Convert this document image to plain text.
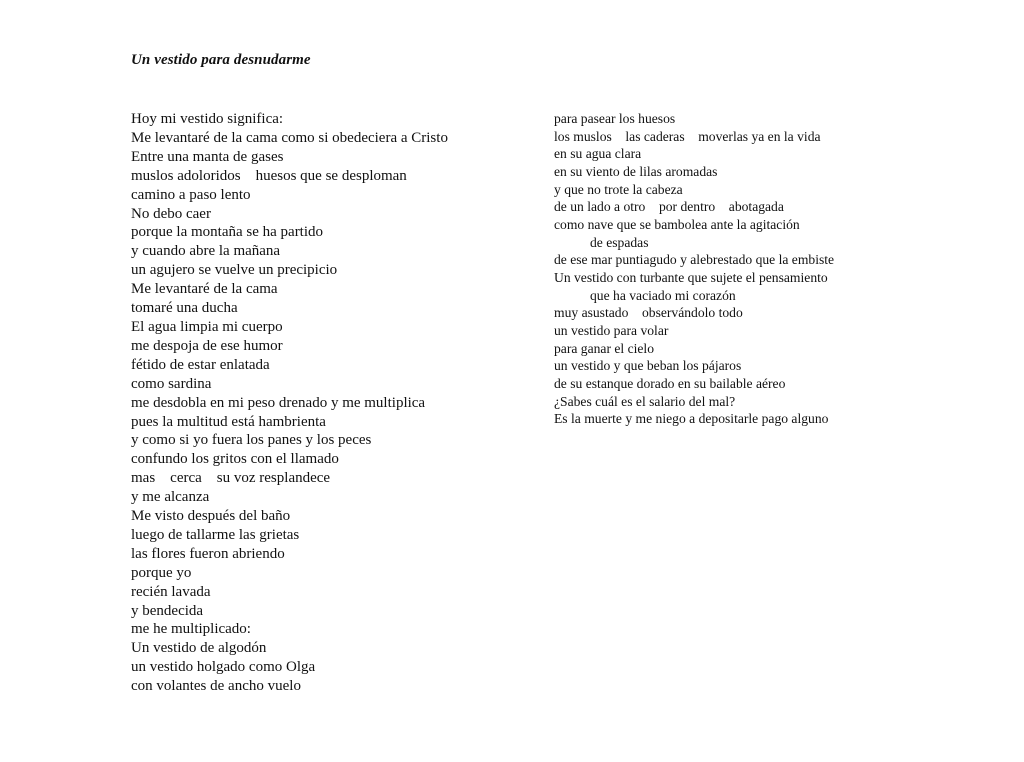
Un vestido para desnudarme
Hoy mi vestido significa:
Me levantaré de la cama como si obedeciera a Cristo
Entre una manta de gases
muslos adoloridos    huesos que se desploman
camino a paso lento
No debo caer
porque la montaña se ha partido
y cuando abre la mañana
un agujero se vuelve un precipicio
Me levantaré de la cama
tomaré una ducha
El agua limpia mi cuerpo
me despoja de ese humor
fétido de estar enlatada
como sardina
me desdobla en mi peso drenado y me multiplica
pues la multitud está hambrienta
y como si yo fuera los panes y los peces
confundo los gritos con el llamado
mas    cerca    su voz resplandece
y me alcanza
Me visto después del baño
luego de tallarme las grietas
las flores fueron abriendo
porque yo
recién lavada
y bendecida
me he multiplicado:
Un vestido de algodón
un vestido holgado como Olga
con volantes de ancho vuelo
para pasear los huesos
los muslos    las caderas    moverlas ya en la vida
en su agua clara
en su viento de lilas aromadas
y que no trote la cabeza
de un lado a otro    por dentro    abotagada
como nave que se bambolea ante la agitación
de espadas
de ese mar puntiagudo y alebrestado que la embiste
Un vestido con turbante que sujete el pensamiento
que ha vaciado mi corazón
muy asustado    observándolo todo
un vestido para volar
para ganar el cielo
un vestido y que beban los pájaros
de su estanque dorado en su bailable aéreo
¿Sabes cuál es el salario del mal?
Es la muerte y me niego a depositarle pago alguno
